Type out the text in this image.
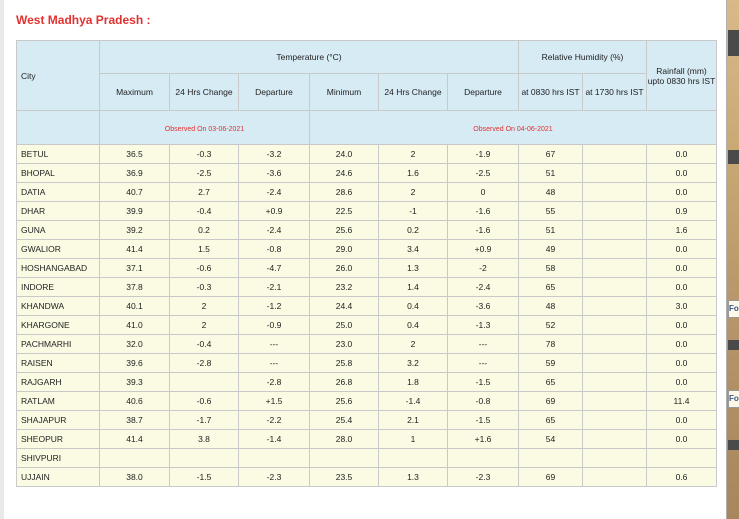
Fo
Fo
West Madhya Pradesh :
City	Temperature (°C)						Relative Humidity (%)		Rainfall (mm) upto 0830 hrs IST
	Maximum	24 Hrs Change	Departure	Minimum	24 Hrs Change	Departure	at 0830 hrs IST	at 1730 hrs IST	
	Observed On 03-06-2021			Observed On 04-06-2021					
BETUL	36.5	-0.3	-3.2	24.0	2	-1.9	67		0.0
BHOPAL	36.9	-2.5	-3.6	24.6	1.6	-2.5	51		0.0
DATIA	40.7	2.7	-2.4	28.6	2	0	48		0.0
DHAR	39.9	-0.4	+0.9	22.5	-1	-1.6	55		0.9
GUNA	39.2	0.2	-2.4	25.6	0.2	-1.6	51		1.6
GWALIOR	41.4	1.5	-0.8	29.0	3.4	+0.9	49		0.0
HOSHANGABAD	37.1	-0.6	-4.7	26.0	1.3	-2	58		0.0
INDORE	37.8	-0.3	-2.1	23.2	1.4	-2.4	65		0.0
KHANDWA	40.1	2	-1.2	24.4	0.4	-3.6	48		3.0
KHARGONE	41.0	2	-0.9	25.0	0.4	-1.3	52		0.0
PACHMARHI	32.0	-0.4	---	23.0	2	---	78		0.0
RAISEN	39.6	-2.8	---	25.8	3.2	---	59		0.0
RAJGARH	39.3		-2.8	26.8	1.8	-1.5	65		0.0
RATLAM	40.6	-0.6	+1.5	25.6	-1.4	-0.8	69		11.4
SHAJAPUR	38.7	-1.7	-2.2	25.4	2.1	-1.5	65		0.0
SHEOPUR	41.4	3.8	-1.4	28.0	1	+1.6	54		0.0
SHIVPURI									
UJJAIN	38.0	-1.5	-2.3	23.5	1.3	-2.3	69		0.6
